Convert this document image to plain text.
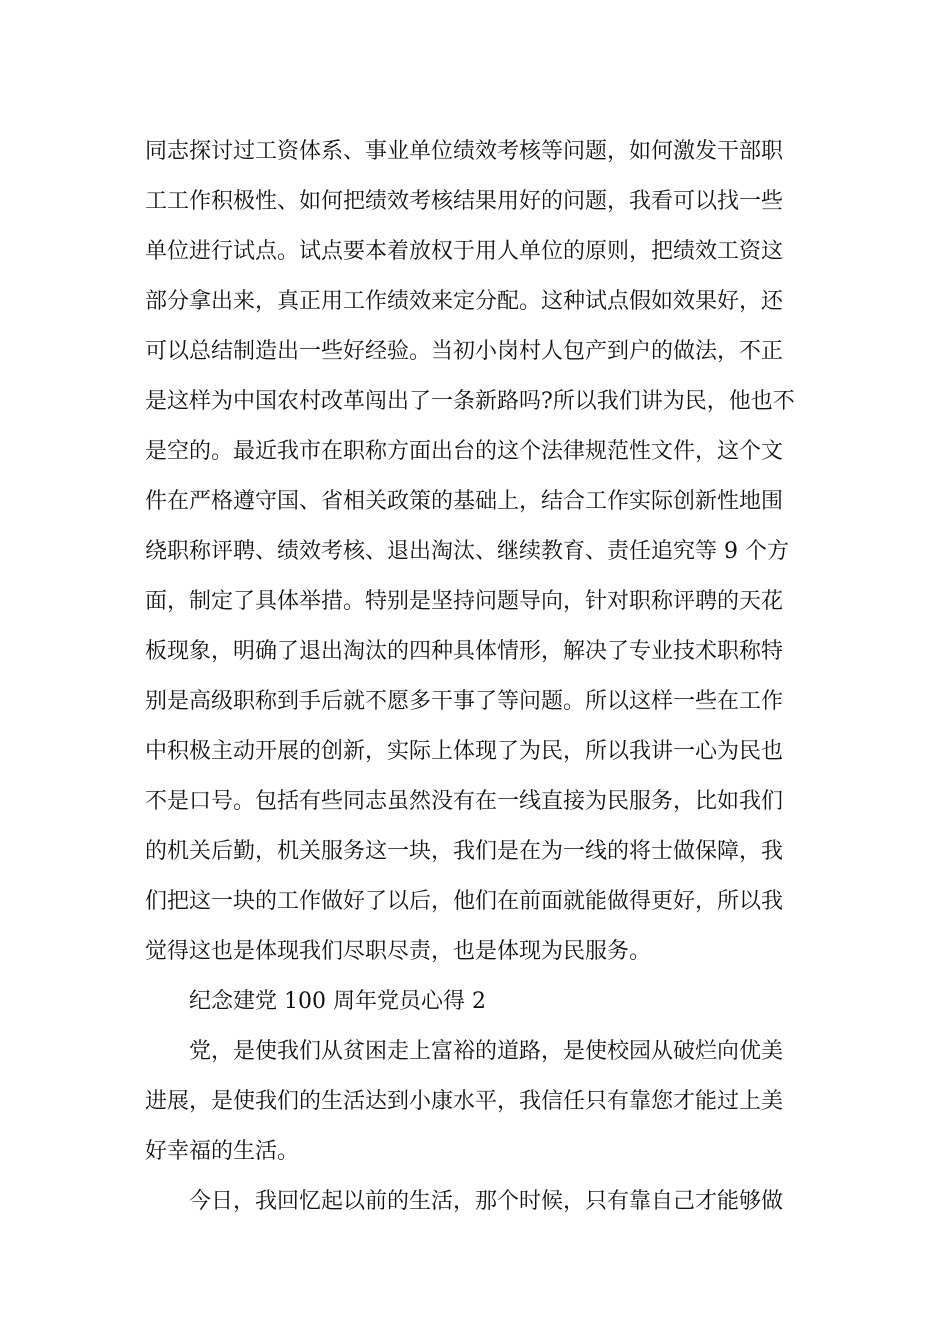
同志探讨过工资体系、事业单位绩效考核等问题，如何激发干部职
工工作积极性、如何把绩效考核结果用好的问题，我看可以找一些
单位进行试点。试点要本着放权于用人单位的原则，把绩效工资这
部分拿出来，真正用工作绩效来定分配。这种试点假如效果好，还
可以总结制造出一些好经验。当初小岗村人包产到户的做法，不正
是这样为中国农村改革闯出了一条新路吗?所以我们讲为民，他也不
是空的。最近我市在职称方面出台的这个法律规范性文件，这个文
件在严格遵守国、省相关政策的基础上，结合工作实际创新性地围
绕职称评聘、绩效考核、退出淘汰、继续教育、责任追究等 9 个方
面，制定了具体举措。特别是坚持问题导向，针对职称评聘的天花
板现象，明确了退出淘汰的四种具体情形，解决了专业技术职称特
别是高级职称到手后就不愿多干事了等问题。所以这样一些在工作
中积极主动开展的创新，实际上体现了为民，所以我讲一心为民也
不是口号。包括有些同志虽然没有在一线直接为民服务，比如我们
的机关后勤，机关服务这一块，我们是在为一线的将士做保障，我
们把这一块的工作做好了以后，他们在前面就能做得更好，所以我
觉得这也是体现我们尽职尽责，也是体现为民服务。
纪念建党 100 周年党员心得 2
党，是使我们从贫困走上富裕的道路，是使校园从破烂向优美
进展，是使我们的生活达到小康水平，我信任只有靠您才能过上美
好幸福的生活。
今日，我回忆起以前的生活，那个时候，只有靠自己才能够做
